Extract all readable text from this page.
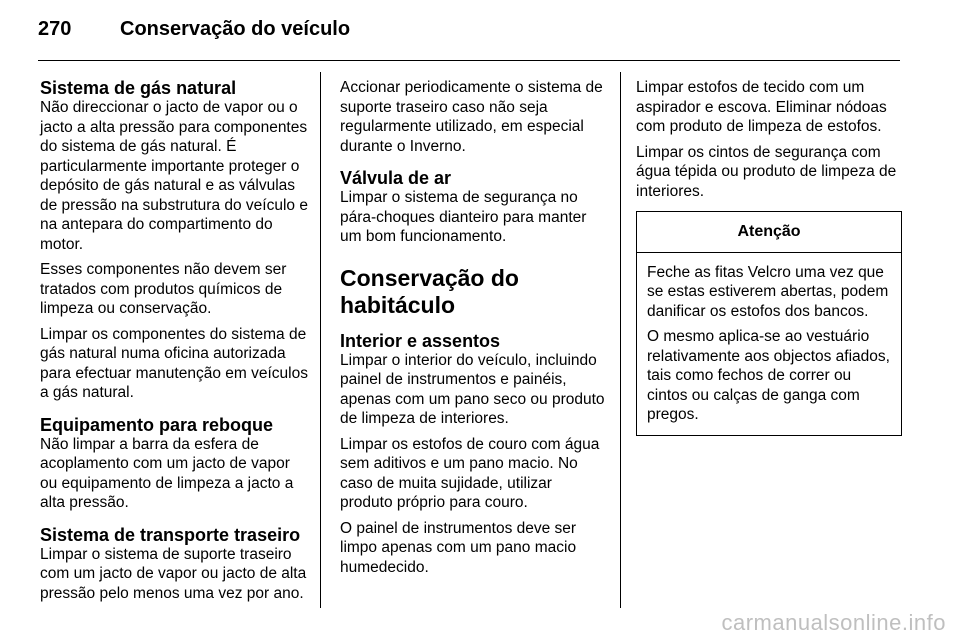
270 Conservação do veículo
Sistema de gás natural

Não direccionar o jacto de vapor ou o jacto a alta pressão para componentes do sistema de gás natural. É particularmente importante proteger o depósito de gás natural e as válvulas de pressão na substrutura do veículo e na antepara do compartimento do motor.

Esses componentes não devem ser tratados com produtos químicos de limpeza ou conservação.

Limpar os componentes do sistema de gás natural numa oficina autorizada para efectuar manutenção em veículos a gás natural.

Equipamento para reboque

Não limpar a barra da esfera de acoplamento com um jacto de vapor ou equipamento de limpeza a jacto a alta pressão.

Sistema de transporte traseiro

Limpar o sistema de suporte traseiro com um jacto de vapor ou jacto de alta pressão pelo menos uma vez por ano.

Accionar periodicamente o sistema de suporte traseiro caso não seja regularmente utilizado, em especial durante o Inverno.

Válvula de ar

Limpar o sistema de segurança no pára-choques dianteiro para manter um bom funcionamento.

Conservação do habitáculo
Interior e assentos

Limpar o interior do veículo, incluindo painel de instrumentos e painéis, apenas com um pano seco ou produto de limpeza de interiores.

Limpar os estofos de couro com água sem aditivos e um pano macio. No caso de muita sujidade, utilizar produto próprio para couro.

O painel de instrumentos deve ser limpo apenas com um pano macio humedecido.

Limpar estofos de tecido com um aspirador e escova. Eliminar nódoas com produto de limpeza de estofos.

Limpar os cintos de segurança com água tépida ou produto de limpeza de interiores.

Atenção

Feche as fitas Velcro uma vez que se estas estiverem abertas, podem danificar os estofos dos bancos.

O mesmo aplica-se ao vestuário relativamente aos objectos afiados, tais como fechos de correr ou cintos ou calças de ganga com pregos.

carmanualsonline.info
